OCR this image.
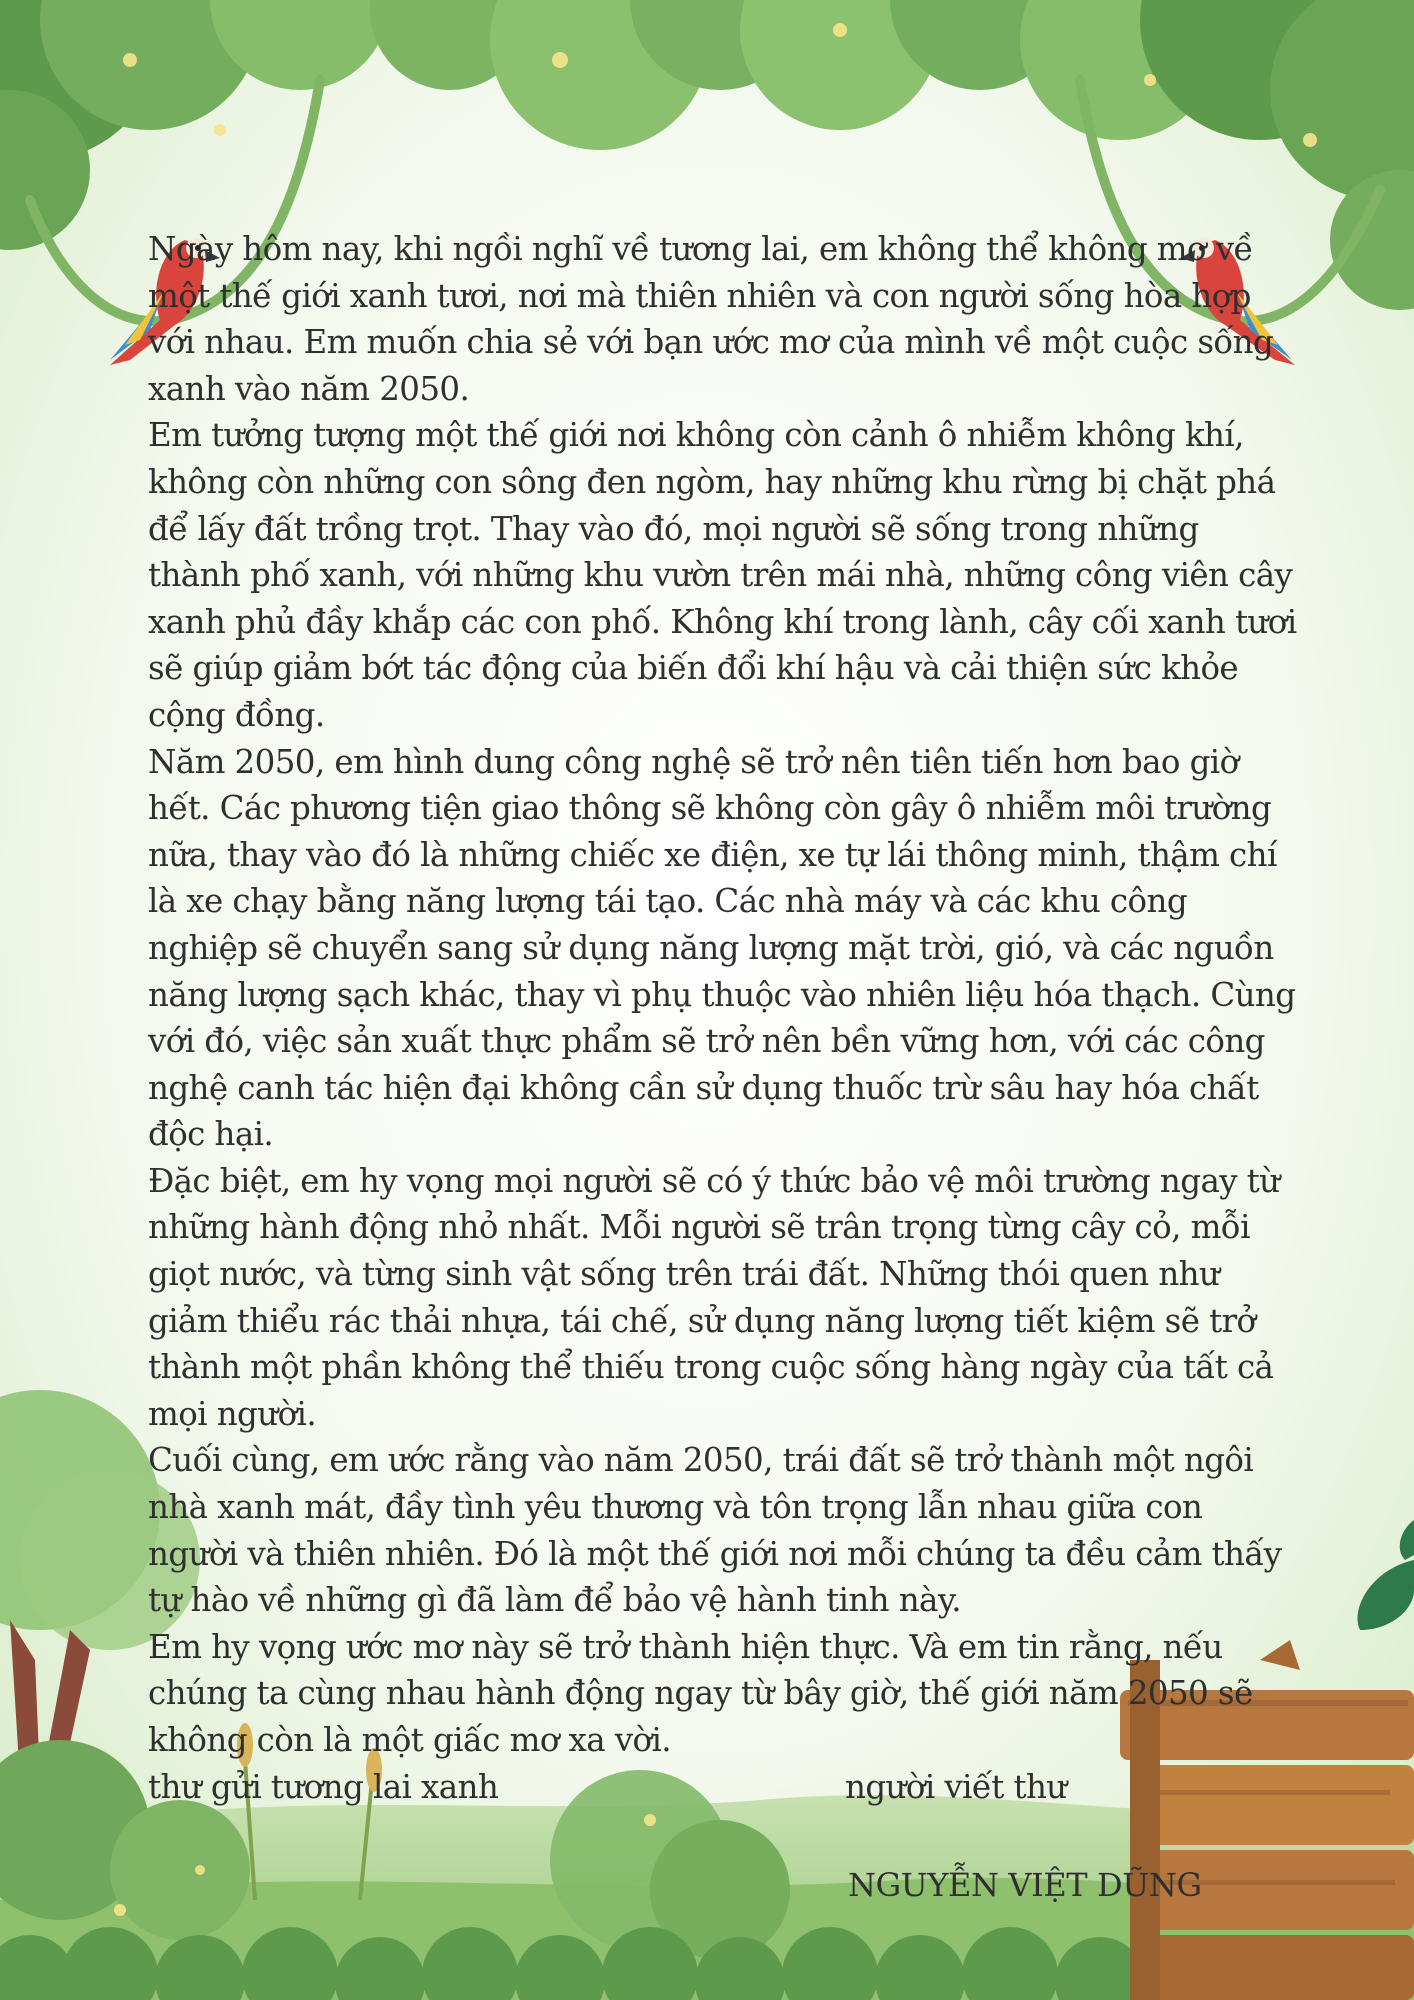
Ngày hôm nay, khi ngồi nghĩ về tương lai, em không thể không mơ về một thế giới xanh tươi, nơi mà thiên nhiên và con người sống hòa hợp với nhau. Em muốn chia sẻ với bạn ước mơ của mình về một cuộc sống xanh vào năm 2050.

Em tưởng tượng một thế giới nơi không còn cảnh ô nhiễm không khí, không còn những con sông đen ngòm, hay những khu rừng bị chặt phá để lấy đất trồng trọt. Thay vào đó, mọi người sẽ sống trong những thành phố xanh, với những khu vườn trên mái nhà, những công viên cây xanh phủ đầy khắp các con phố. Không khí trong lành, cây cối xanh tươi sẽ giúp giảm bớt tác động của biến đổi khí hậu và cải thiện sức khỏe cộng đồng.

Năm 2050, em hình dung công nghệ sẽ trở nên tiên tiến hơn bao giờ hết. Các phương tiện giao thông sẽ không còn gây ô nhiễm môi trường nữa, thay vào đó là những chiếc xe điện, xe tự lái thông minh, thậm chí là xe chạy bằng năng lượng tái tạo. Các nhà máy và các khu công nghiệp sẽ chuyển sang sử dụng năng lượng mặt trời, gió, và các nguồn năng lượng sạch khác, thay vì phụ thuộc vào nhiên liệu hóa thạch. Cùng với đó, việc sản xuất thực phẩm sẽ trở nên bền vững hơn, với các công nghệ canh tác hiện đại không cần sử dụng thuốc trừ sâu hay hóa chất độc hại.

Đặc biệt, em hy vọng mọi người sẽ có ý thức bảo vệ môi trường ngay từ những hành động nhỏ nhất. Mỗi người sẽ trân trọng từng cây cỏ, mỗi giọt nước, và từng sinh vật sống trên trái đất. Những thói quen như giảm thiểu rác thải nhựa, tái chế, sử dụng năng lượng tiết kiệm sẽ trở thành một phần không thể thiếu trong cuộc sống hàng ngày của tất cả mọi người.

Cuối cùng, em ước rằng vào năm 2050, trái đất sẽ trở thành một ngôi nhà xanh mát, đầy tình yêu thương và tôn trọng lẫn nhau giữa con người và thiên nhiên. Đó là một thế giới nơi mỗi chúng ta đều cảm thấy tự hào về những gì đã làm để bảo vệ hành tinh này.

Em hy vọng ước mơ này sẽ trở thành hiện thực. Và em tin rằng, nếu chúng ta cùng nhau hành động ngay từ bây giờ, thế giới năm 2050 sẽ không còn là một giấc mơ xa vời.

thư gửi tương lai xanh	người viết thư
NGUYỄN VIỆT DŨNG
